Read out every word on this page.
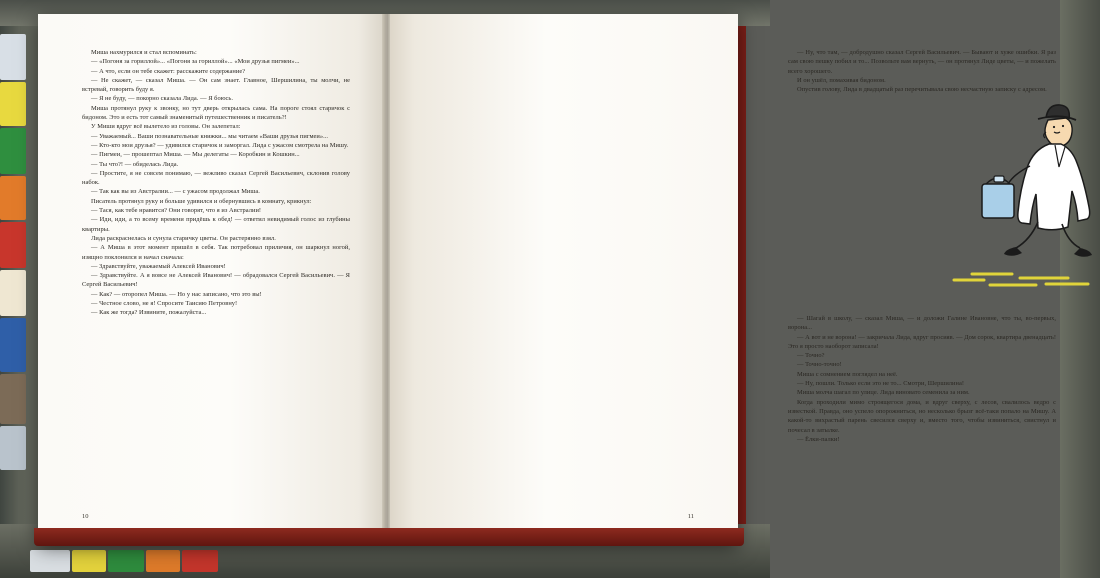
Миша нахмурился и стал вспоминать:

— «Погоня за гориллой»... «Погоня за гориллой»... «Мои друзья пигмеи»...

— А что, если он тебе скажет: расскажите содержание?

— Не скажет, — сказал Миша. — Он сам знает. Главное, Шершилина, ты молчи, не встревай, говорить буду я.

— Я не буду, — покорно сказала Лида. — Я боюсь.

Миша протянул руку к звонку, но тут дверь открылась сама. На пороге стоял старичок с бидоном. Это и есть тот самый знаменитый путешественник и писатель?!

У Миши вдруг всё вылетело из головы. Он залепетал:

— Уважаемый... Ваши познавательные книжки... мы читаем «Ваши друзья пигмеи»...

— Кто-кто мои друзья? — удивился старичок и заморгал. Лида с ужасом смотрела на Мишу.

— Пигмеи, — прошептал Миша. — Мы делегаты — Коробкин и Кошкин...

— Ты что?! — обиделась Лида.

— Простите, я не совсем понимаю, — вежливо сказал Сергей Васильевич, склонив голову набок.

— Так как вы из Австралии... — с ужасом продолжал Миша.

Писатель протянул руку и больше удивился и обернувшись в комнату, крикнул:

— Тася, как тебе нравится? Они говорят, что я из Австралии!

— Иди, иди, а то всему времени придёшь к обед! — ответил невидимый голос из глубины квартиры.

Лида раскраснелась и сунула старичку цветы. Он растерянно взял.

— А Миша в этот момент пришёл в себя. Так потребовал приличия, он шаркнул ногой, изящно поклонился и начал сначала:

— Здравствуйте, уважаемый Алексей Иванович!

— Здравствуйте. А я вовсе не Алексей Иванович! — обрадовался Сергей Васильевич. — Я Сергей Васильевич!

— Как? — оторопел Миша. — Но у нас записано, что это вы!

— Честное слово, не я! Спросите Таисию Петровну!

— Как же тогда? Извините, пожалуйста...

10

— Ну, что там, — добродушно сказал Сергей Васильевич. — Бывают и хуже ошибки. Я раз сам свою пешку побил и то... Позвольте вам вернуть, — он протянул Лиде цветы, — и пожелать всего хорошего.

И он ушёл, помахивая бидоном.

Опустив голову, Лида в двадцатый раз перечитывала свою несчастную записку с адресом.

— Шагай в школу, — сказал Миша, — и доложи Галине Ивановне, что ты, во-первых, ворона...

— А вот и не ворона! — закричала Лида, вдруг просияв. — Дом сорок, квартира двенадцать! Это я просто наоборот записала!

— Точно?

— Точно-точно!

Миша с сомнением поглядел на неё.

— Ну, пошли. Только если это не то... Смотри, Шершилина!

Миша молча шагал по улице. Лида виновато семенила за ним.

Когда проходили мимо строящегося дома, и вдруг сверху, с лесов, свалилось ведро с известкой. Правда, оно успело опорожниться, но несколько брызг всё-таки попало на Мишу. А какой-то вихрастый парень свесился сверху и, вместо того, чтобы извиниться, свистнул и почесал в затылке.

— Ёлки-палки!

11
